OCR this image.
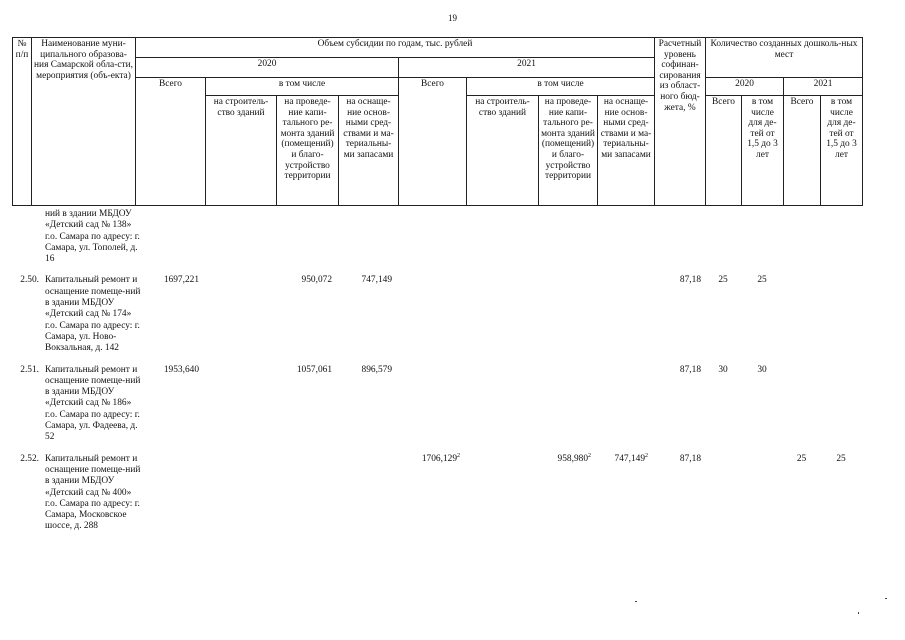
19
№ п/п	Наименование муни-ципального образова-ния Самарской обла-сти, мероприятия (объ-екта)	Объем субсидии по годам, тыс. рублей								Расчетный уровень софинан-сирования из област-ного бюд-жета, %	Количество созданных дошколь-ных мест			
		2020				2021								
		Всего	в том числе			Всего	в том числе				2020		2021	
			на строитель-ство зданий	на проведе-ние капи-тального ре-монта зданий (помещений) и благо-устройство территории	на оснаще-ние основ-ными сред-ствами и ма-териальны-ми запасами		на строитель-ство зданий	на проведе-ние капи-тального ре-монта зданий (помещений) и благо-устройство территории	на оснаще-ние основ-ными сред-ствами и ма-териальны-ми запасами		Всего	в том числе для де-тей от 1,5 до 3 лет	Всего	в том числе для де-тей от 1,5 до 3 лет
	ний в здании МБДОУ «Детский сад № 138» г.о. Самара по адресу: г. Самара, ул. Тополей, д. 16													

2.50.	Капитальный ремонт и оснащение помеще-ний в здании МБДОУ «Детский сад № 174» г.о. Самара по адресу: г. Самара, ул. Ново-Вокзальная, д. 142	1697,221		950,072	747,149					87,18	25	25		

2.51.	Капитальный ремонт и оснащение помеще-ний в здании МБДОУ «Детский сад № 186» г.о. Самара по адресу: г. Самара, ул. Фадеева, д. 52	1953,640		1057,061	896,579					87,18	30	30		

2.52.	Капитальный ремонт и оснащение помеще-ний в здании МБДОУ «Детский сад № 400» г.о. Самара по адресу: г. Самара, Московское шоссе, д. 288					1706,129$^2$		958,980$^2$	747,149$^2$	87,18			25	25
